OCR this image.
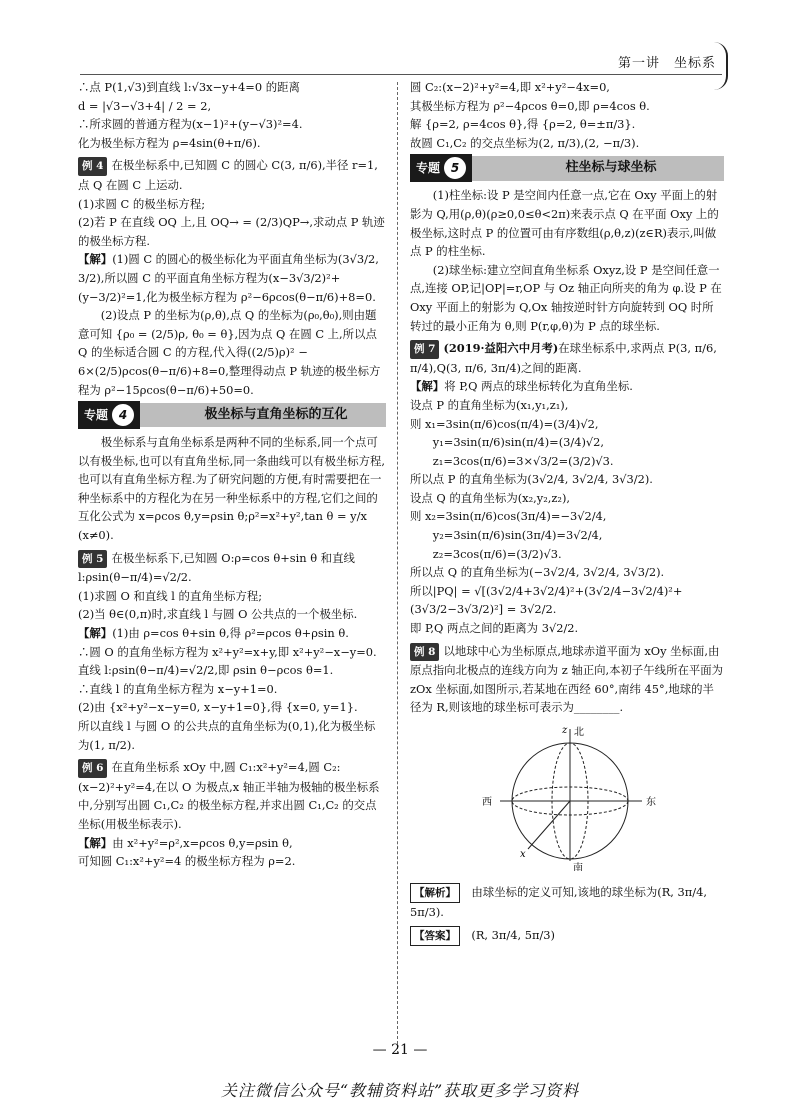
第一讲　坐标系

∴点 P(1,√3)到直线 l:√3x−y+4=0 的距离

d = |√3−√3+4| / 2 = 2,

∴所求圆的普通方程为(x−1)²+(y−√3)²=4.

化为极坐标方程为 ρ=4sin(θ+π/6).

例 4 在极坐标系中,已知圆 C 的圆心 C(3, π/6),半径 r=1,点 Q 在圆 C 上运动.

(1)求圆 C 的极坐标方程;

(2)若 P 在直线 OQ 上,且 OQ→ = (2/3)QP→,求动点 P 轨迹的极坐标方程.

【解】(1)圆 C 的圆心的极坐标化为平面直角坐标为(3√3/2, 3/2),所以圆 C 的平面直角坐标方程为(x−3√3/2)²+(y−3/2)²=1,化为极坐标方程为 ρ²−6ρcos(θ−π/6)+8=0.

(2)设点 P 的坐标为(ρ,θ),点 Q 的坐标为(ρ₀,θ₀),则由题意可知 {ρ₀ = (2/5)ρ, θ₀ = θ},因为点 Q 在圆 C 上,所以点 Q 的坐标适合圆 C 的方程,代入得((2/5)ρ)² − 6×(2/5)ρcos(θ−π/6)+8=0,整理得动点 P 轨迹的极坐标方程为 ρ²−15ρcos(θ−π/6)+50=0.

专题 4	极坐标与直角坐标的互化

极坐标系与直角坐标系是两种不同的坐标系,同一个点可以有极坐标,也可以有直角坐标,同一条曲线可以有极坐标方程,也可以有直角坐标方程.为了研究问题的方便,有时需要把在一种坐标系中的方程化为在另一种坐标系中的方程,它们之间的互化公式为 x=ρcos θ,y=ρsin θ;ρ²=x²+y²,tan θ = y/x (x≠0).

例 5 在极坐标系下,已知圆 O:ρ=cos θ+sin θ 和直线 l:ρsin(θ−π/4)=√2/2.

(1)求圆 O 和直线 l 的直角坐标方程;

(2)当 θ∈(0,π)时,求直线 l 与圆 O 公共点的一个极坐标.

【解】(1)由 ρ=cos θ+sin θ,得 ρ²=ρcos θ+ρsin θ.

∴圆 O 的直角坐标方程为 x²+y²=x+y,即 x²+y²−x−y=0.

直线 l:ρsin(θ−π/4)=√2/2,即 ρsin θ−ρcos θ=1.

∴直线 l 的直角坐标方程为 x−y+1=0.

(2)由 {x²+y²−x−y=0, x−y+1=0},得 {x=0, y=1}.

所以直线 l 与圆 O 的公共点的直角坐标为(0,1),化为极坐标为(1, π/2).

例 6 在直角坐标系 xOy 中,圆 C₁:x²+y²=4,圆 C₂:(x−2)²+y²=4,在以 O 为极点,x 轴正半轴为极轴的极坐标系中,分别写出圆 C₁,C₂ 的极坐标方程,并求出圆 C₁,C₂ 的交点坐标(用极坐标表示).

【解】由 x²+y²=ρ²,x=ρcos θ,y=ρsin θ,

可知圆 C₁:x²+y²=4 的极坐标方程为 ρ=2.

圆 C₂:(x−2)²+y²=4,即 x²+y²−4x=0,

其极坐标方程为 ρ²−4ρcos θ=0,即 ρ=4cos θ.

解 {ρ=2, ρ=4cos θ},得 {ρ=2, θ=±π/3}.

故圆 C₁,C₂ 的交点坐标为(2, π/3),(2, −π/3).

专题 5	柱坐标与球坐标

(1)柱坐标:设 P 是空间内任意一点,它在 Oxy 平面上的射影为 Q,用(ρ,θ)(ρ≥0,0≤θ<2π)来表示点 Q 在平面 Oxy 上的极坐标,这时点 P 的位置可由有序数组(ρ,θ,z)(z∈R)表示,叫做点 P 的柱坐标.

(2)球坐标:建立空间直角坐标系 Oxyz,设 P 是空间任意一点,连接 OP,记|OP|=r,OP 与 Oz 轴正向所夹的角为 φ.设 P 在 Oxy 平面上的射影为 Q,Ox 轴按逆时针方向旋转到 OQ 时所转过的最小正角为 θ,则 P(r,φ,θ)为 P 点的球坐标.

例 7 (2019·益阳六中月考)在球坐标系中,求两点 P(3, π/6, π/4),Q(3, π/6, 3π/4)之间的距离.

【解】将 P,Q 两点的球坐标转化为直角坐标.

设点 P 的直角坐标为(x₁,y₁,z₁),

则 x₁=3sin(π/6)cos(π/4)=(3/4)√2,

y₁=3sin(π/6)sin(π/4)=(3/4)√2,

z₁=3cos(π/6)=3×√3/2=(3/2)√3.

所以点 P 的直角坐标为(3√2/4, 3√2/4, 3√3/2).

设点 Q 的直角坐标为(x₂,y₂,z₂),

则 x₂=3sin(π/6)cos(3π/4)=−3√2/4,

y₂=3sin(π/6)sin(3π/4)=3√2/4,

z₂=3cos(π/6)=(3/2)√3.

所以点 Q 的直角坐标为(−3√2/4, 3√2/4, 3√3/2).

所以|PQ| = √[(3√2/4+3√2/4)²+(3√2/4−3√2/4)²+(3√3/2−3√3/2)²] = 3√2/2.

即 P,Q 两点之间的距离为 3√2/2.

例 8 以地球中心为坐标原点,地球赤道平面为 xOy 坐标面,由原点指向北极点的连线方向为 z 轴正向,本初子午线所在平面为 zOx 坐标面,如图所示,若某地在西经 60°,南纬 45°,地球的半径为 R,则该地的球坐标可表示为________.

北
z
南
东
西
x

【解析】　 由球坐标的定义可知,该地的球坐标为(R, 3π/4, 5π/3).

【答案】　 (R, 3π/4, 5π/3)

— 21 —
关注微信公众号“教辅资料站”获取更多学习资料
